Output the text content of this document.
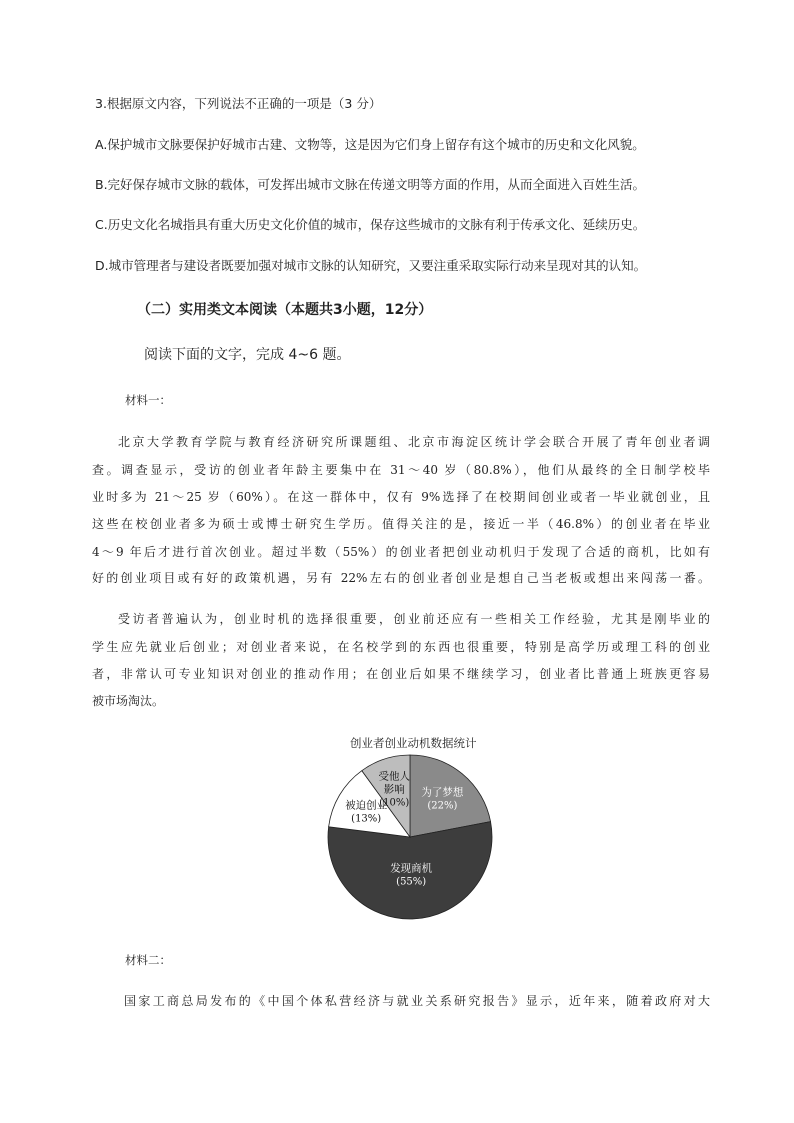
3.根据原文内容，下列说法不正确的一项是（3 分）
A.保护城市文脉要保护好城市古建、文物等，这是因为它们身上留存有这个城市的历史和文化风貌。
B.完好保存城市文脉的载体，可发挥出城市文脉在传递文明等方面的作用，从而全面进入百姓生活。
C.历史文化名城指具有重大历史文化价值的城市，保存这些城市的文脉有利于传承文化、延续历史。
D.城市管理者与建设者既要加强对城市文脉的认知研究，又要注重采取实际行动来呈现对其的认知。
（二）实用类文本阅读（本题共3小题，12分）
阅读下面的文字，完成 4~6 题。
材料一：
北京大学教育学院与教育经济研究所课题组、北京市海淀区统计学会联合开展了青年创业者调
查。调查显示，受访的创业者年龄主要集中在 31～40 岁（80.8%），他们从最终的全日制学校毕
业时多为 21～25 岁（60%）。在这一群体中，仅有 9%选择了在校期间创业或者一毕业就创业，且
这些在校创业者多为硕士或博士研究生学历。值得关注的是，接近一半（46.8%）的创业者在毕业
4～9 年后才进行首次创业。超过半数（55%）的创业者把创业动机归于发现了合适的商机，比如有
好的创业项目或有好的政策机遇，另有 22%左右的创业者创业是想自己当老板或想出来闯荡一番。
受访者普遍认为，创业时机的选择很重要，创业前还应有一些相关工作经验，尤其是刚毕业的
学生应先就业后创业；对创业者来说，在名校学到的东西也很重要，特别是高学历或理工科的创业
者，非常认可专业知识对创业的推动作用；在创业后如果不继续学习，创业者比普通上班族更容易
被市场淘汰。
创业者创业动机数据统计
为了梦想
(22%)
发现商机
(55%)
被迫创业
(13%)
受他人
影响
(10%)
材料二：
国家工商总局发布的《中国个体私营经济与就业关系研究报告》显示，近年来，随着政府对大
